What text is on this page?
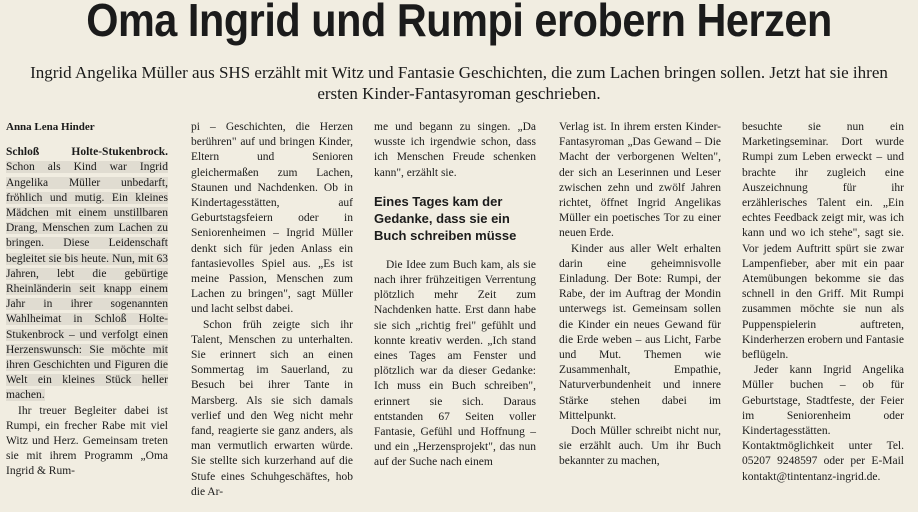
Oma Ingrid und Rumpi erobern Herzen
Ingrid Angelika Müller aus SHS erzählt mit Witz und Fantasie Geschichten, die zum Lachen bringen sollen. Jetzt hat sie ihren ersten Kinder-Fantasyroman geschrieben.

Anna Lena Hinder

Schloß Holte-Stukenbrock. Schon als Kind war Ingrid Angelika Müller unbedarft, fröhlich und mutig. Ein kleines Mädchen mit einem unstillbaren Drang, Menschen zum Lachen zu bringen. Diese Leidenschaft begleitet sie bis heute. Nun, mit 63 Jahren, lebt die gebürtige Rheinländerin seit knapp einem Jahr in ihrer sogenannten Wahlheimat in Schloß Holte-Stukenbrock – und verfolgt einen Herzenswunsch: Sie möchte mit ihren Geschichten und Figuren die Welt ein kleines Stück heller machen.

Ihr treuer Begleiter dabei ist Rumpi, ein frecher Rabe mit viel Witz und Herz. Gemeinsam treten sie mit ihrem Programm „Oma Ingrid & Rum-

pi – Geschichten, die Herzen berühren" auf und bringen Kinder, Eltern und Senioren gleichermaßen zum Lachen, Staunen und Nachdenken. Ob in Kindertagesstätten, auf Geburtstagsfeiern oder in Seniorenheimen – Ingrid Müller denkt sich für jeden Anlass ein fantasievolles Spiel aus. „Es ist meine Passion, Menschen zum Lachen zu bringen", sagt Müller und lacht selbst dabei.

Schon früh zeigte sich ihr Talent, Menschen zu unterhalten. Sie erinnert sich an einen Sommertag im Sauerland, zu Besuch bei ihrer Tante in Marsberg. Als sie sich damals verlief und den Weg nicht mehr fand, reagierte sie ganz anders, als man vermutlich erwarten würde. Sie stellte sich kurzerhand auf die Stufe eines Schuhgeschäftes, hob die Ar-

me und begann zu singen. „Da wusste ich irgendwie schon, dass ich Menschen Freude schenken kann", erzählt sie.

Eines Tages kam der Gedanke, dass sie ein Buch schreiben müsse

Die Idee zum Buch kam, als sie nach ihrer frühzeitigen Verrentung plötzlich mehr Zeit zum Nachdenken hatte. Erst dann habe sie sich „richtig frei" gefühlt und konnte kreativ werden. „Ich stand eines Tages am Fenster und plötzlich war da dieser Gedanke: Ich muss ein Buch schreiben", erinnert sie sich. Daraus entstanden 67 Seiten voller Fantasie, Gefühl und Hoffnung – und ein „Herzensprojekt", das nun auf der Suche nach einem

Verlag ist. In ihrem ersten Kinder-Fantasyroman „Das Gewand – Die Macht der verborgenen Welten", der sich an Leserinnen und Leser zwischen zehn und zwölf Jahren richtet, öffnet Ingrid Angelikas Müller ein poetisches Tor zu einer neuen Erde.

Kinder aus aller Welt erhalten darin eine geheimnisvolle Einladung. Der Bote: Rumpi, der Rabe, der im Auftrag der Mondin unterwegs ist. Gemeinsam sollen die Kinder ein neues Gewand für die Erde weben – aus Licht, Farbe und Mut. Themen wie Zusammenhalt, Empathie, Naturverbundenheit und innere Stärke stehen dabei im Mittelpunkt.

Doch Müller schreibt nicht nur, sie erzählt auch. Um ihr Buch bekannter zu machen,

besuchte sie nun ein Marketingseminar. Dort wurde Rumpi zum Leben erweckt – und brachte ihr zugleich eine Auszeichnung für ihr erzählerisches Talent ein. „Ein echtes Feedback zeigt mir, was ich kann und wo ich stehe", sagt sie. Vor jedem Auftritt spürt sie zwar Lampenfieber, aber mit ein paar Atemübungen bekomme sie das schnell in den Griff. Mit Rumpi zusammen möchte sie nun als Puppenspielerin auftreten, Kinderherzen erobern und Fantasie beflügeln.

Jeder kann Ingrid Angelika Müller buchen – ob für Geburtstage, Stadtfeste, der Feier im Seniorenheim oder Kindertagesstätten. Kontaktmöglichkeit unter Tel. 05207 9248597 oder per E-Mail kontakt@tintentanz-ingrid.de.
